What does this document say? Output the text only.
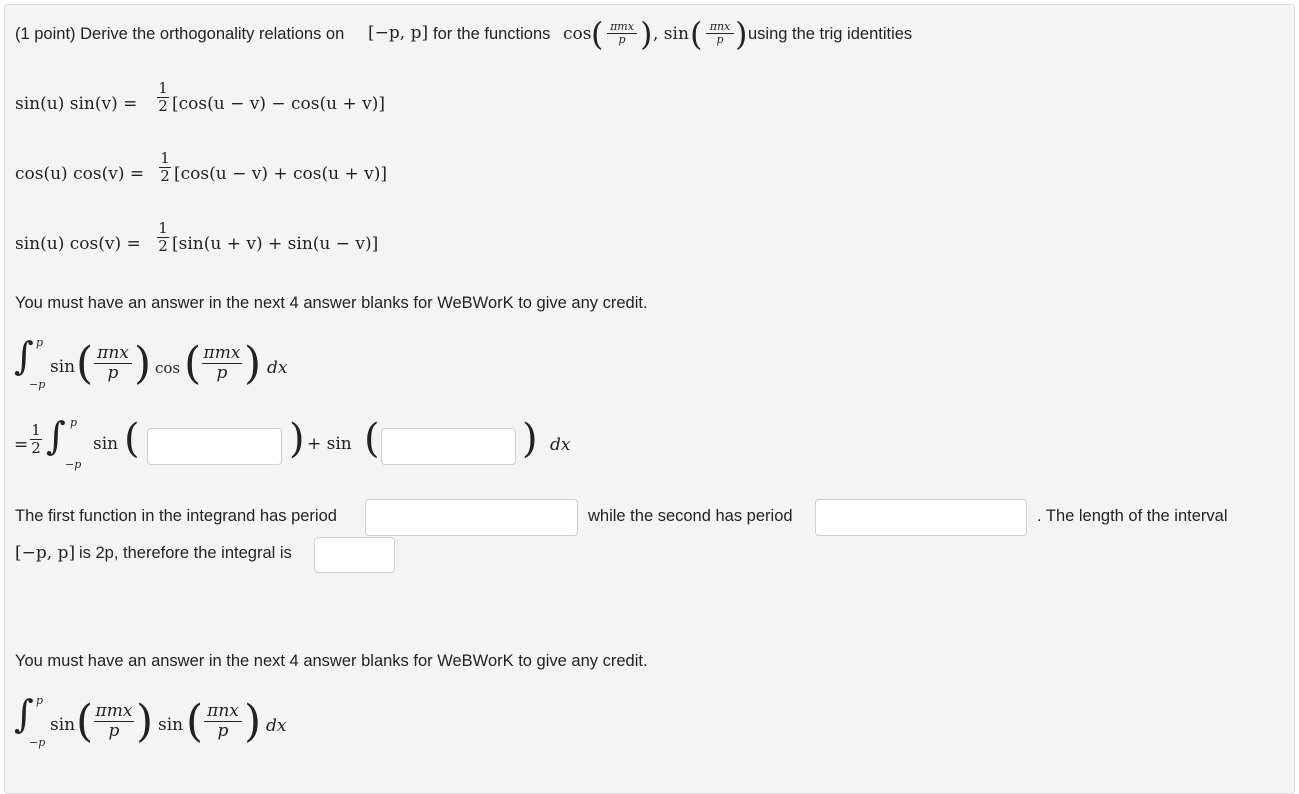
(1 point) Derive the orthogonality relations on [−p, p] for the functions cos ( πmx
p ) , sin ( πnx
p ) using the trig identities
sin(u) $\sin(v) = \frac{1}{2} [\cos(u - v) - \cos(u + v)]$
cos(u) $\cos(v) = \frac{1}{2} [\cos(u - v) + \cos(u + v)]$
sin(u) $\cos(v) = \frac{1}{2} [\sin(u + v) + \sin(u - v)]$
You must have an answer in the next 4 answer blanks for WeBWorK to give any credit.
∫ p
−p
sin ( πnx
p ) cos ( πmx
p ) dx
= $\frac{1}{2}$ ∫ p
−p
sin (	) + sin (	) dx
The first function in the integrand has period	while the second has period	. The length of the interval
[−p, p] is 2p, therefore the integral is
You must have an answer in the next 4 answer blanks for WeBWorK to give any credit.
∫ p
−p
sin ( πmx
p ) sin ( πnx
p ) dx
